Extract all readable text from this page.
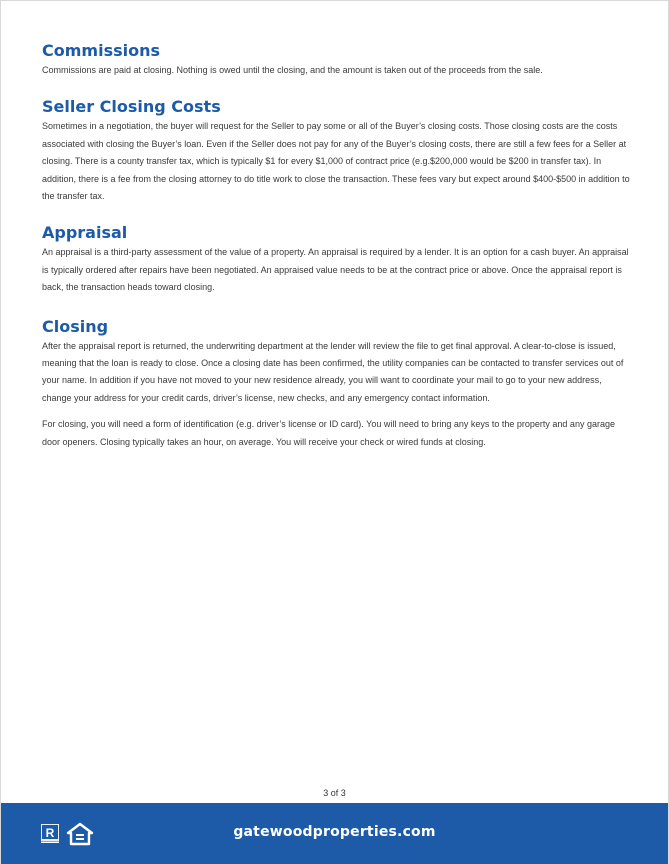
Commissions

Commissions are paid at closing. Nothing is owed until the closing, and the amount is taken out of the proceeds from the sale.

Seller Closing Costs

Sometimes in a negotiation, the buyer will request for the Seller to pay some or all of the Buyer’s closing costs. Those closing costs are the costs associated with closing the Buyer’s loan. Even if the Seller does not pay for any of the Buyer’s closing costs, there are still a few fees for a Seller at closing. There is a county transfer tax, which is typically $1 for every $1,000 of contract price (e.g.$200,000 would be $200 in transfer tax). In addition, there is a fee from the closing attorney to do title work to close the transaction. These fees vary but expect around $400-$500 in addition to the transfer tax.

Appraisal

An appraisal is a third-party assessment of the value of a property. An appraisal is required by a lender. It is an option for a cash buyer. An appraisal is typically ordered after repairs have been negotiated. An appraised value needs to be at the contract price or above. Once the appraisal report is back, the transaction heads toward closing.

Closing

After the appraisal report is returned, the underwriting department at the lender will review the file to get final approval. A clear-to-close is issued, meaning that the loan is ready to close. Once a closing date has been confirmed, the utility companies can be contacted to transfer services out of your name. In addition if you have not moved to your new residence already, you will want to coordinate your mail to go to your new address, change your address for your credit cards, driver’s license, new checks, and any emergency contact information.

For closing, you will need a form of identification (e.g. driver’s license or ID card). You will need to bring any keys to the property and any garage door openers. Closing typically takes an hour, on average. You will receive your check or wired funds at closing.

3 of 3
R	gatewoodproperties.com
